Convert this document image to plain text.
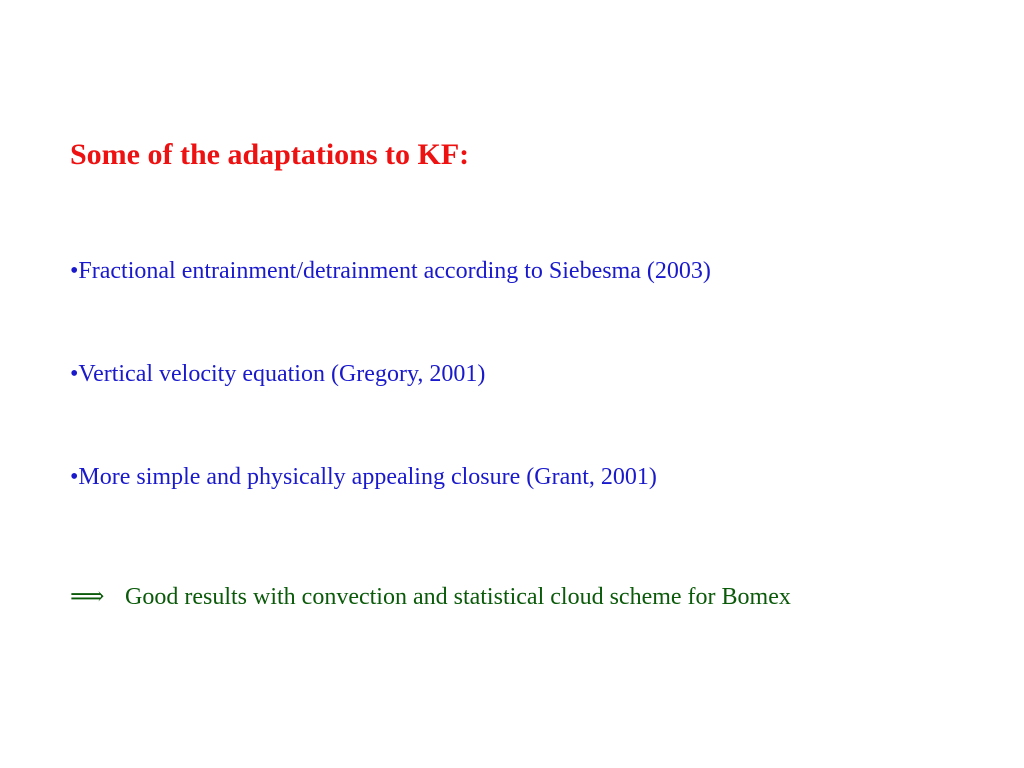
Some of the adaptations to KF:
•Fractional entrainment/detrainment according to Siebesma (2003)
•Vertical velocity equation (Gregory, 2001)
•More simple and physically appealing closure (Grant, 2001)
⟹ Good results with convection and statistical cloud scheme for Bomex
